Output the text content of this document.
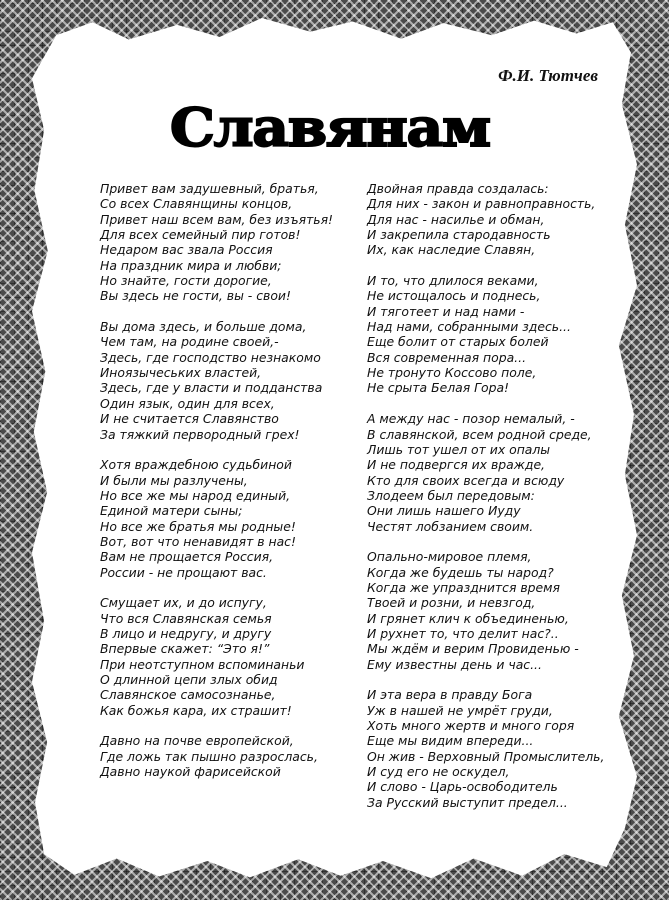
Ф.И. Тютчев
Славянам
Привет вам задушевный, братья,
Со всех Славянщины концов,
Привет наш всем вам, без изъятья!
Для всех семейный пир готов!
Недаром вас звала Россия
На праздник мира и любви;
Но знайте, гости дорогие,
Вы здесь не гости, вы - свои!
Вы дома здесь, и больше дома,
Чем там, на родине своей,-
Здесь, где господство незнакомо
Иноязычеських властей,
Здесь, где у власти и подданства
Один язык, один для всех,
И не считается Славянство
За тяжкий первородный грех!
Хотя враждебною судьбиной
И были мы разлучены,
Но все же мы народ единый,
Единой матери сыны;
Но все же братья мы родные!
Вот, вот что ненавидят в нас!
Вам не прощается Россия,
России - не прощают вас.
Смущает их, и до испугу,
Что вся Славянская семья
В лицо и недругу, и другу
Впервые скажет: “Это я!”
При неотступном вспоминаньи
О длинной цепи злых обид
Славянское самосознанье,
Как божья кара, их страшит!
Давно на почве европейской,
Где ложь так пышно разрослась,
Давно наукой фарисейской
Двойная правда создалась:
Для них - закон и равноправность,
Для нас - насилье и обман,
И закрепила стародавность
Их, как наследие Славян,
И то, что длилося веками,
Не истощалось и поднесь,
И тяготеет и над нами -
Над нами, собранными здесь...
Еще болит от старых болей
Вся современная пора...
Не тронуто Коссово поле,
Не срыта Белая Гора!
А между нас - позор немалый, -
В славянской, всем родной среде,
Лишь тот ушел от их опалы
И не подвергся их вражде,
Кто для своих всегда и всюду
Злодеем был передовым:
Они лишь нашего Иуду
Честят лобзанием своим.
Опально-мировое племя,
Когда же будешь ты народ?
Когда же упразднится время
Твоей и розни, и невзгод,
И грянет клич к объединенью,
И рухнет то, что делит нас?..
Мы ждём и верим Провиденью -
Ему известны день и час...
И эта вера в правду Бога
Уж в нашей не умрёт груди,
Хоть много жертв и много горя
Еще мы видим впереди...
Он жив - Верховный Промыслитель,
И суд его не оскудел,
И слово - Царь-освободитель
За Русский выступит предел...
